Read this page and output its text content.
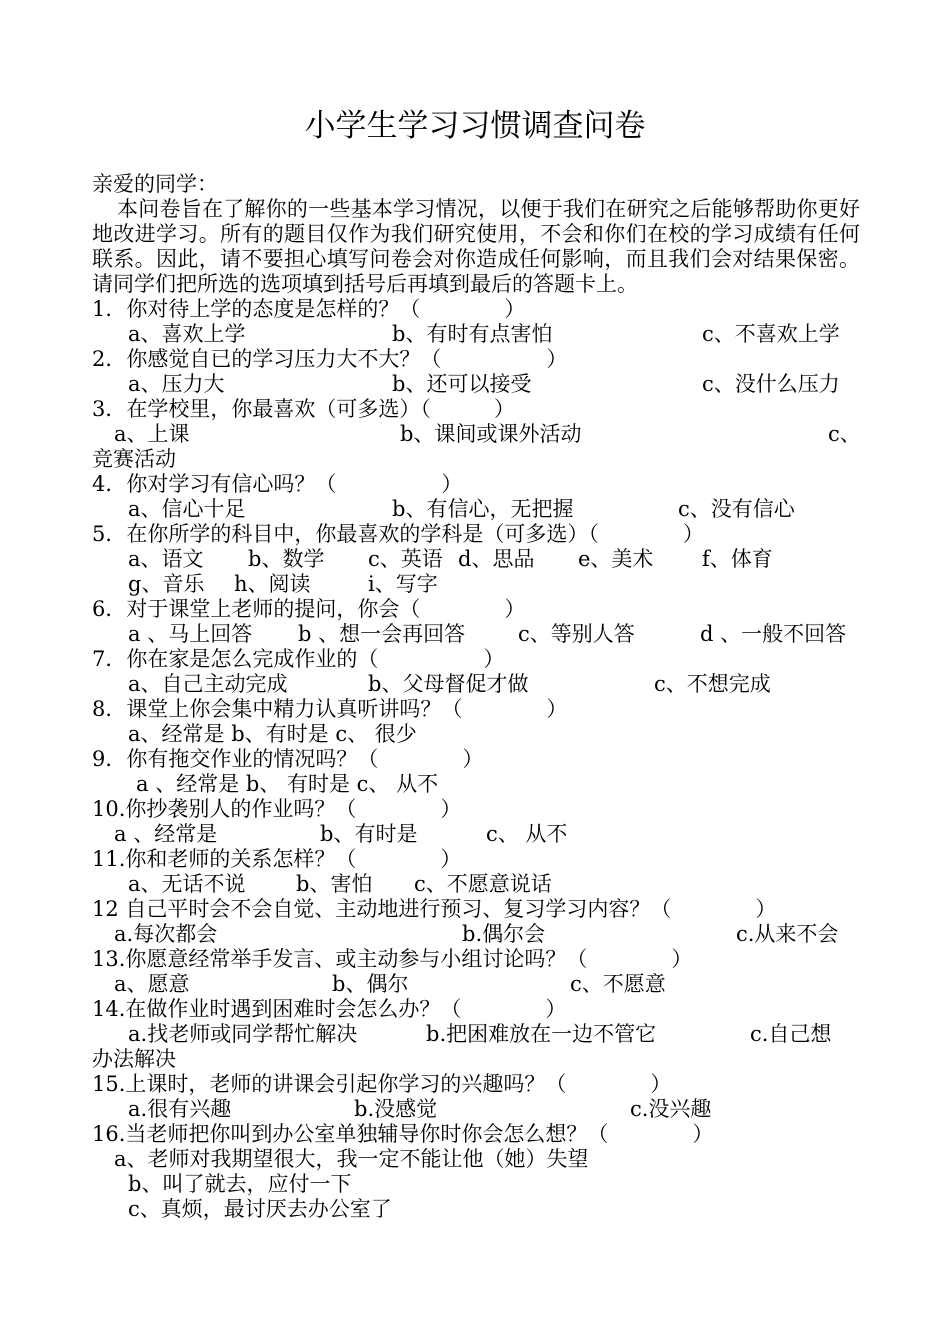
小学生学习习惯调查问卷
亲爱的同学：

本问卷旨在了解你的一些基本学习情况，以便于我们在研究之后能够帮助你更好地改进学习。所有的题目仅作为我们研究使用，不会和你们在校的学习成绩有任何联系。因此，请不要担心填写问卷会对你造成任何影响，而且我们会对结果保密。请同学们把所选的选项填到括号后再填到最后的答题卡上。

1．你对待上学的态度是怎样的？（　　　　）
a、喜欢上学	b、有时有点害怕	c、不喜欢上学
2．你感觉自已的学习压力大不大？（　　　　　）
a、压力大	b、还可以接受	c、没什么压力
3．在学校里，你最喜欢（可多选）（　　　）
a、上课	b、课间或课外活动	c、
竞赛活动
4．你对学习有信心吗？（　　　　　）
a、信心十足	b、有信心，无把握	c、没有信心
5．在你所学的科目中，你最喜欢的学科是（可多选）（　　　　）
a、语文 b、数学 c、英语 d、思品 e、美术 f、体育
g、音乐 h、阅读	i、写字
6．对于课堂上老师的提问，你会（　　　　）
a 、马上回答 b 、想一会再回答	c、等别人答	d 、一般不回答
7．你在家是怎么完成作业的（　　　　　）
a、自己主动完成	b、父母督促才做	c、不想完成
8．课堂上你会集中精力认真听讲吗？（　　　　）
a、经常是 b、有时是 c、 很少
9．你有拖交作业的情况吗？（　　　　）
a 、经常是 b、 有时是 c、 从不
10.你抄袭别人的作业吗？（　　　　）
a 、经常是	b、有时是	c、 从不
11.你和老师的关系怎样？（　　　　）
a、无话不说 b、害怕 c、不愿意说话
12 自己平时会不会自觉、主动地进行预习、复习学习内容？（　　　　）
a.每次都会	b.偶尔会	c.从来不会
13.你愿意经常举手发言、或主动参与小组讨论吗？（　　　　）
a、愿意	b、偶尔	c、不愿意
14.在做作业时遇到困难时会怎么办？（　　　　）
a.找老师或同学帮忙解决	b.把困难放在一边不管它	c.自己想
办法解决
15.上课时，老师的讲课会引起你学习的兴趣吗？（　　　　）
a.很有兴趣	b.没感觉	c.没兴趣
16.当老师把你叫到办公室单独辅导你时你会怎么想？（　　　　）
a、老师对我期望很大，我一定不能让他（她）失望
b、叫了就去，应付一下
c、真烦，最讨厌去办公室了
